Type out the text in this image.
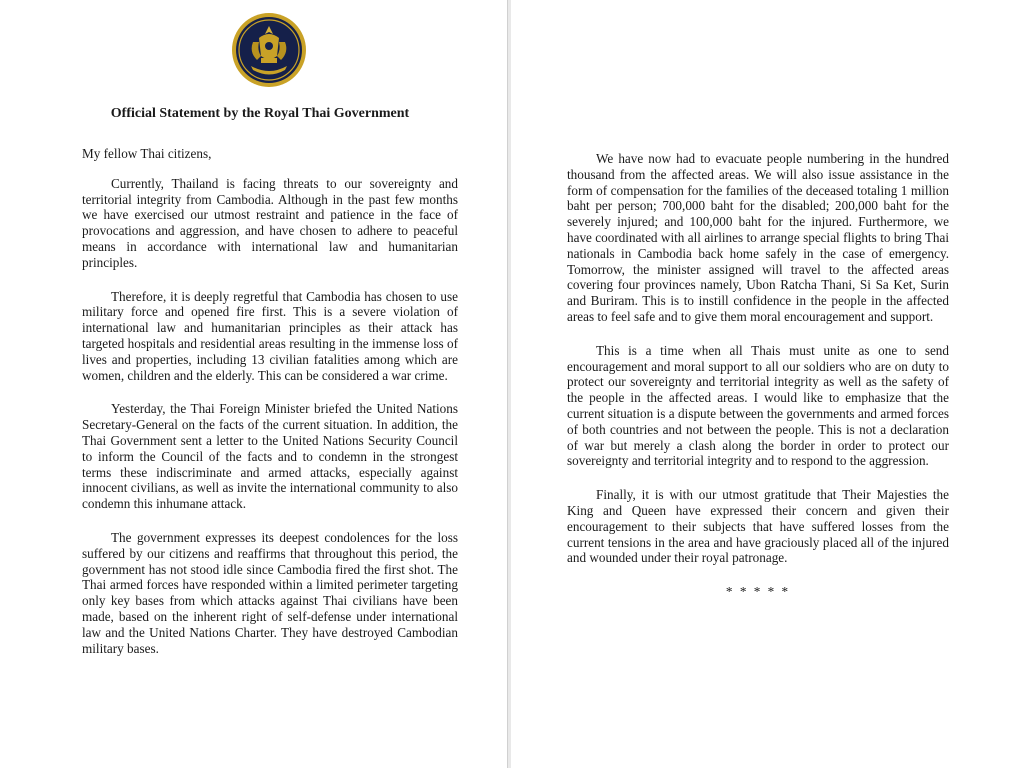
Official Statement by the Royal Thai Government

My fellow Thai citizens,

Currently, Thailand is facing threats to our sovereignty and territorial integrity from Cambodia. Although in the past few months we have exercised our utmost restraint and patience in the face of provocations and aggression, and have chosen to adhere to peaceful means in accordance with international law and humanitarian principles.

Therefore, it is deeply regretful that Cambodia has chosen to use military force and opened fire first. This is a severe violation of international law and humanitarian principles as their attack has targeted hospitals and residential areas resulting in the immense loss of lives and properties, including 13 civilian fatalities among which are women, children and the elderly. This can be considered a war crime.

Yesterday, the Thai Foreign Minister briefed the United Nations Secretary-General on the facts of the current situation. In addition, the Thai Government sent a letter to the United Nations Security Council to inform the Council of the facts and to condemn in the strongest terms these indiscriminate and armed attacks, especially against innocent civilians, as well as invite the international community to also condemn this inhumane attack.

The government expresses its deepest condolences for the loss suffered by our citizens and reaffirms that throughout this period, the government has not stood idle since Cambodia fired the first shot. The Thai armed forces have responded within a limited perimeter targeting only key bases from which attacks against Thai civilians have been made, based on the inherent right of self-defense under international law and the United Nations Charter. They have destroyed Cambodian military bases.

We have now had to evacuate people numbering in the hundred thousand from the affected areas. We will also issue assistance in the form of compensation for the families of the deceased totaling 1 million baht per person; 700,000 baht for the disabled; 200,000 baht for the severely injured; and 100,000 baht for the injured. Furthermore, we have coordinated with all airlines to arrange special flights to bring Thai nationals in Cambodia back home safely in the case of emergency. Tomorrow, the minister assigned will travel to the affected areas covering four provinces namely, Ubon Ratcha Thani, Si Sa Ket, Surin and Buriram. This is to instill confidence in the people in the affected areas to feel safe and to give them moral encouragement and support.

This is a time when all Thais must unite as one to send encouragement and moral support to all our soldiers who are on duty to protect our sovereignty and territorial integrity as well as the safety of the people in the affected areas. I would like to emphasize that the current situation is a dispute between the governments and armed forces of both countries and not between the people. This is not a declaration of war but merely a clash along the border in order to protect our sovereignty and territorial integrity and to respond to the aggression.

Finally, it is with our utmost gratitude that Their Majesties the King and Queen have expressed their concern and given their encouragement to their subjects that have suffered losses from the current tensions in the area and have graciously placed all of the injured and wounded under their royal patronage.

* * * * *
